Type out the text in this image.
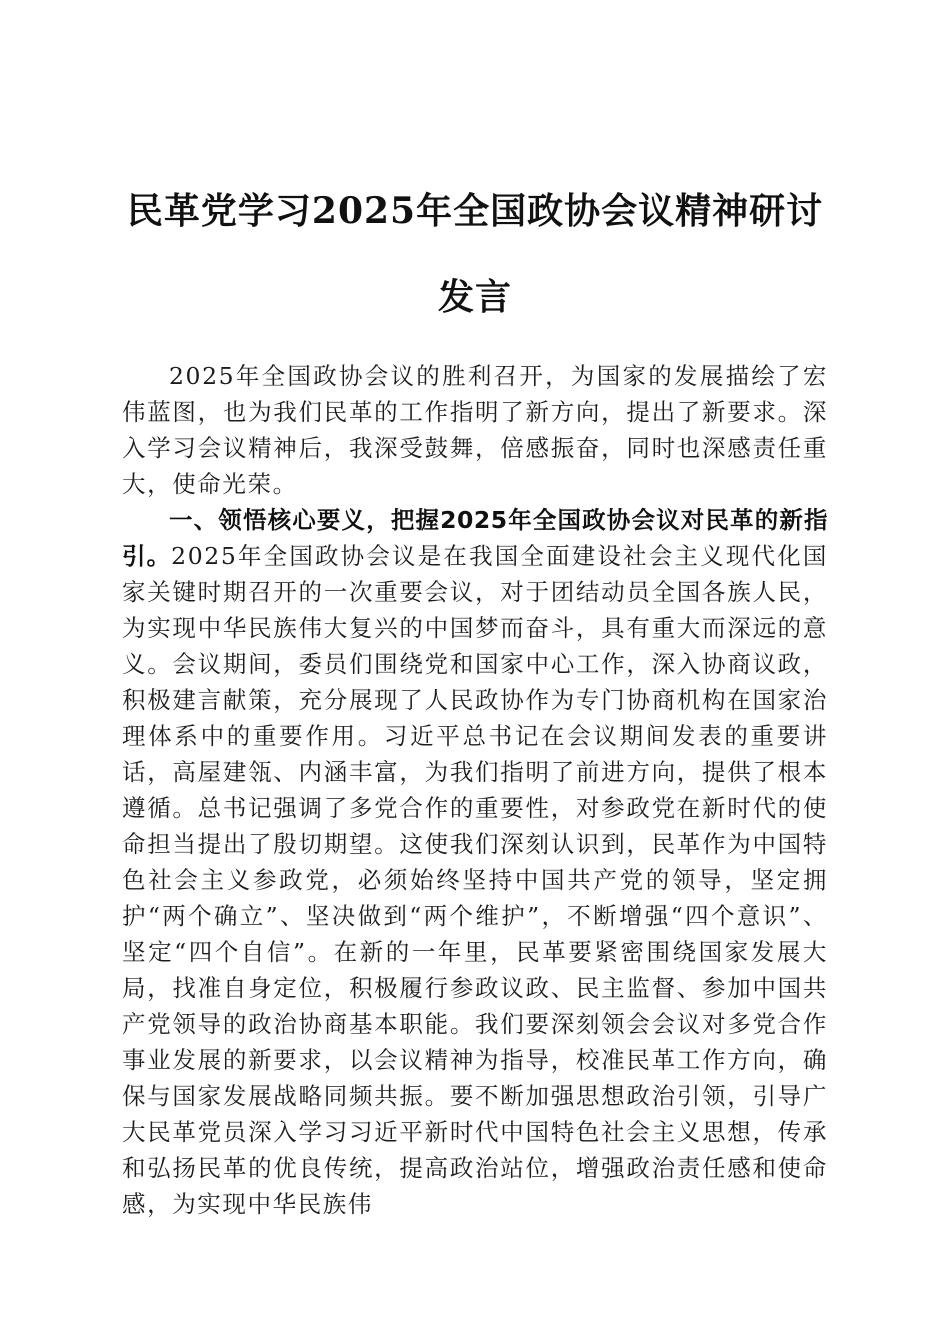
民革党学习2025年全国政协会议精神研讨发言

2025年全国政协会议的胜利召开，为国家的发展描绘了宏伟蓝图，也为我们民革的工作指明了新方向，提出了新要求。深入学习会议精神后，我深受鼓舞，倍感振奋，同时也深感责任重大，使命光荣。

一、领悟核心要义，把握2025年全国政协会议对民革的新指引。2025年全国政协会议是在我国全面建设社会主义现代化国家关键时期召开的一次重要会议，对于团结动员全国各族人民，为实现中华民族伟大复兴的中国梦而奋斗，具有重大而深远的意义。会议期间，委员们围绕党和国家中心工作，深入协商议政，积极建言献策，充分展现了人民政协作为专门协商机构在国家治理体系中的重要作用。习近平总书记在会议期间发表的重要讲话，高屋建瓴、内涵丰富，为我们指明了前进方向，提供了根本遵循。总书记强调了多党合作的重要性，对参政党在新时代的使命担当提出了殷切期望。这使我们深刻认识到，民革作为中国特色社会主义参政党，必须始终坚持中国共产党的领导，坚定拥护“两个确立”、坚决做到“两个维护”，不断增强“四个意识”、坚定“四个自信”。在新的一年里，民革要紧密围绕国家发展大局，找准自身定位，积极履行参政议政、民主监督、参加中国共产党领导的政治协商基本职能。我们要深刻领会会议对多党合作事业发展的新要求，以会议精神为指导，校准民革工作方向，确保与国家发展战略同频共振。要不断加强思想政治引领，引导广大民革党员深入学习习近平新时代中国特色社会主义思想，传承和弘扬民革的优良传统，提高政治站位，增强政治责任感和使命感，为实现中华民族伟
